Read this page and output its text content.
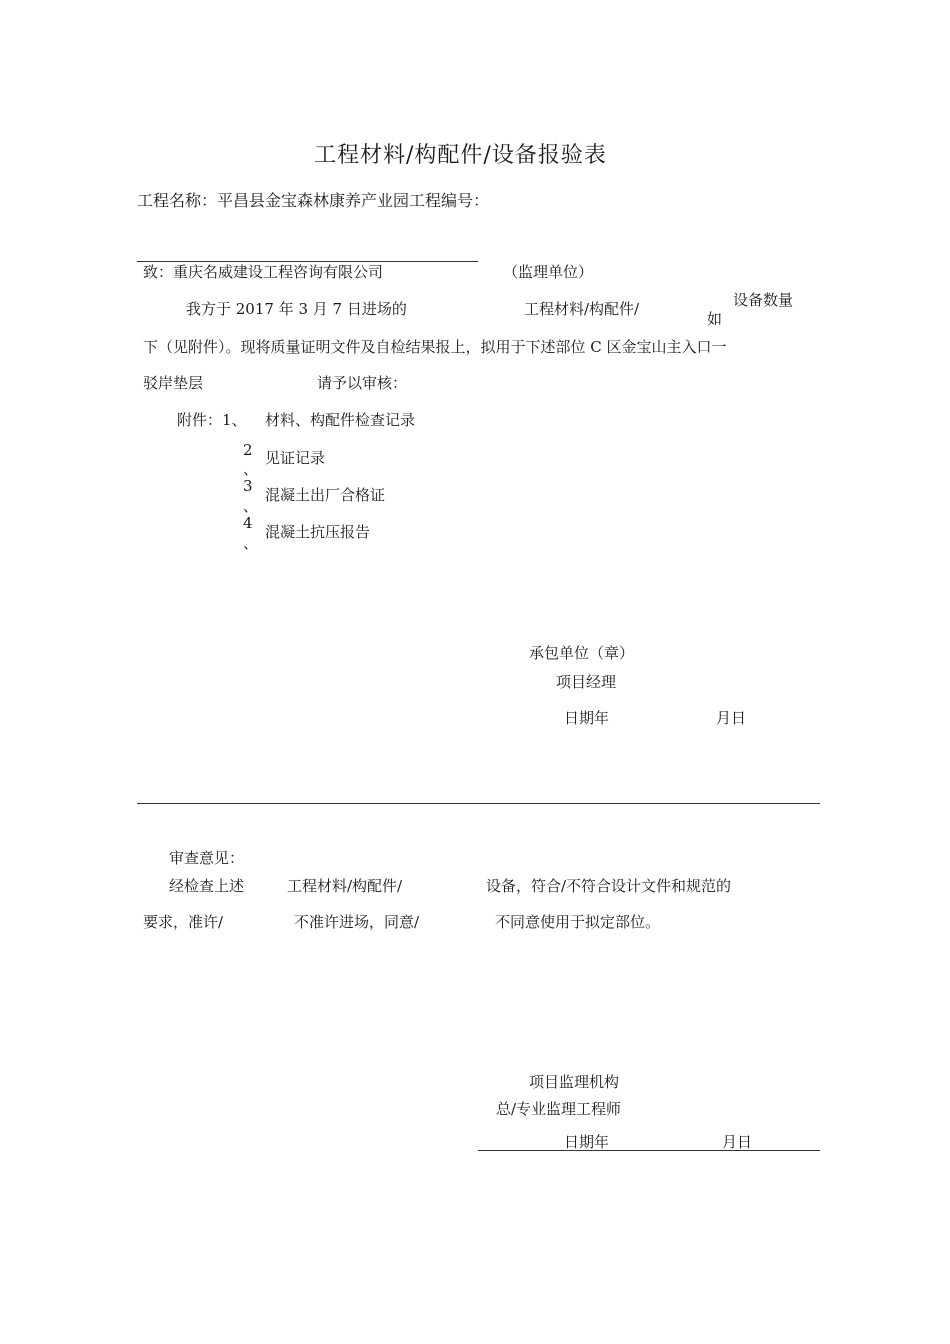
工程材料/构配件/设备报验表
工程名称：平昌县金宝森林康养产业园工程编号：
致：重庆名威建设工程咨询有限公司	（监理单位）
我方于 2017 年 3 月 7 日进场的	工程材料/构配件/	设备数量
如
下（见附件）。现将质量证明文件及自检结果报上，拟用于下述部位 C 区金宝山主入口一
驳岸垫层	请予以审核：
附件：1、 材料、构配件检查记录
2
、
见证记录
3
、
混凝土出厂合格证
4
、
混凝土抗压报告
承包单位（章）
项目经理
日期年	月日
审查意见：
经检查上述	工程材料/构配件/	设备，符合/不符合设计文件和规范的
要求，准许/	不准许进场，同意/	不同意使用于拟定部位。
项目监理机构
总/专业监理工程师
日期年	月日
